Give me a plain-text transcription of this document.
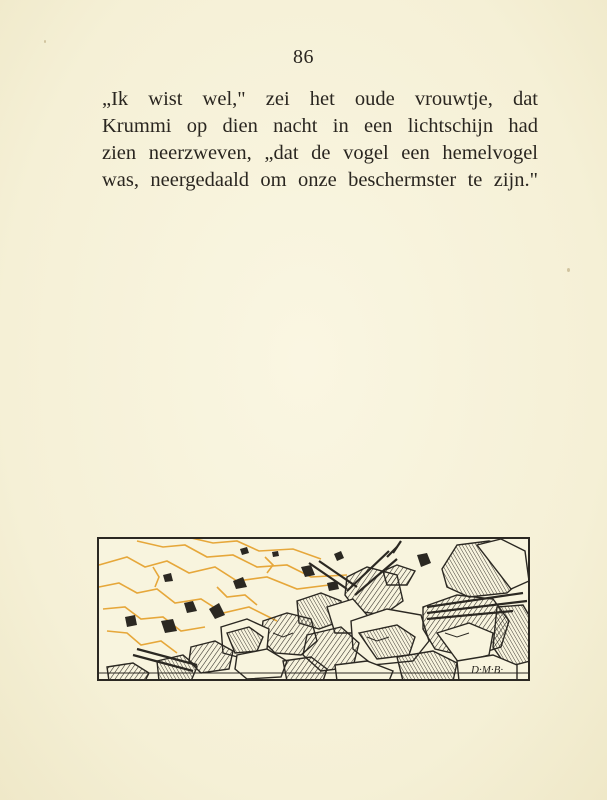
86
„Ik wist wel," zei het oude vrouwtje, dat
Krummi op dien nacht in een lichtschijn had
zien neerzweven, „dat de vogel een hemelvogel
was, neergedaald om onze beschermster te zijn."
D·M·B·
